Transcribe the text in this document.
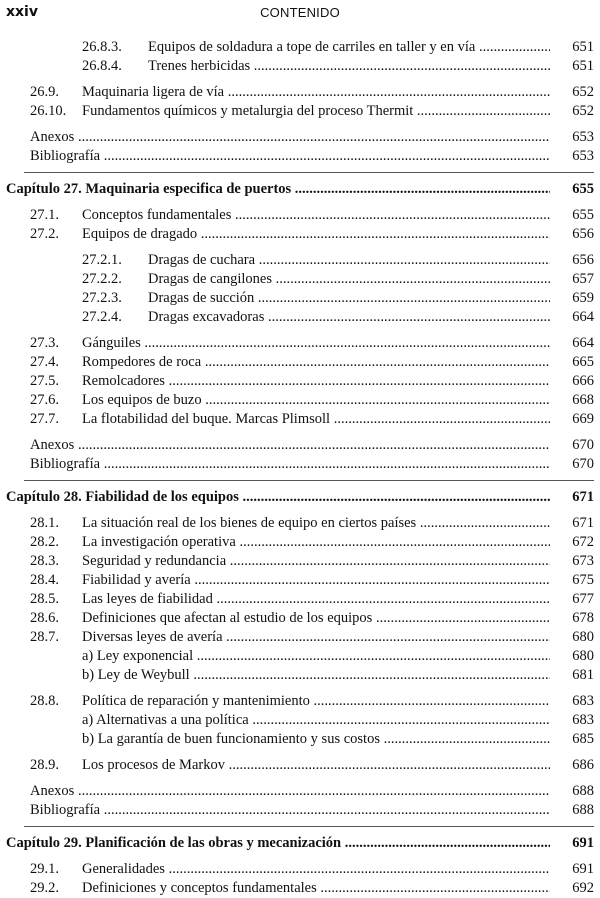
xxiv	CONTENIDO
26.8.3. Equipos de soldadura a tope de carriles en taller y en vía .....	651
26.8.4. Trenes herbicidas .....	651
26.9. Maquinaria ligera de vía .....	652
26.10. Fundamentos químicos y metalurgia del proceso Thermit .....	652
Anexos .....	653
Bibliografía .....	653
Capítulo 27. Maquinaria especifica de puertos .....	655
27.1. Conceptos fundamentales .....	655
27.2. Equipos de dragado .....	656
27.2.1. Dragas de cuchara .....	656
27.2.2. Dragas de cangilones .....	657
27.2.3. Dragas de succión .....	659
27.2.4. Dragas excavadoras .....	664
27.3. Gánguiles .....	664
27.4. Rompedores de roca .....	665
27.5. Remolcadores .....	666
27.6. Los equipos de buzo .....	668
27.7. La flotabilidad del buque. Marcas Plimsoll .....	669
Anexos .....	670
Bibliografía .....	670
Capítulo 28. Fiabilidad de los equipos .....	671
28.1. La situación real de los bienes de equipo en ciertos países .....	671
28.2. La investigación operativa .....	672
28.3. Seguridad y redundancia .....	673
28.4. Fiabilidad y avería .....	675
28.5. Las leyes de fiabilidad .....	677
28.6. Definiciones que afectan al estudio de los equipos .....	678
28.7. Diversas leyes de avería .....	680
a) Ley exponencial .....	680
b) Ley de Weybull .....	681
28.8. Política de reparación y mantenimiento .....	683
a) Alternativas a una política .....	683
b) La garantía de buen funcionamiento y sus costos .....	685
28.9. Los procesos de Markov .....	686
Anexos .....	688
Bibliografía .....	688
Capítulo 29. Planificación de las obras y mecanización .....	691
29.1. Generalidades .....	691
29.2. Definiciones y conceptos fundamentales .....	692
